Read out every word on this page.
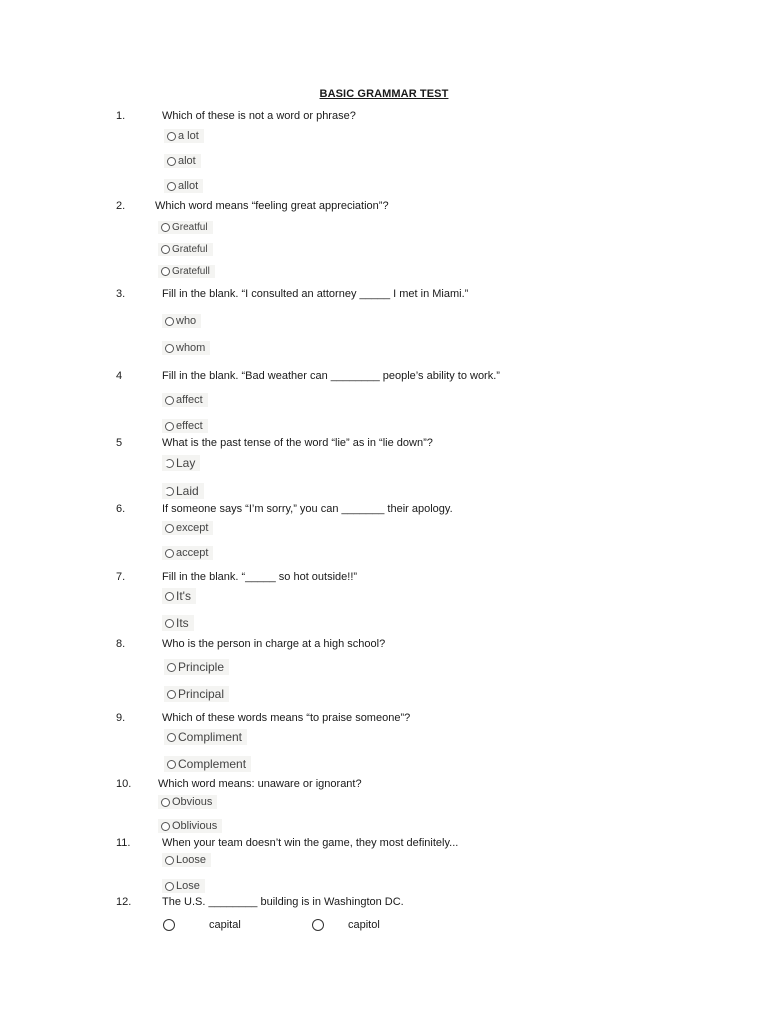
BASIC GRAMMAR TEST
1.	Which of these is not a word or phrase?
a lot
alot
allot
2.	Which word means “feeling great appreciation”?
Greatful
Grateful
Gratefull
3.	Fill in the blank. “I consulted an attorney _____ I met in Miami.”
who
whom
4	Fill in the blank. “Bad weather can ________ people’s ability to work.”
affect
effect
5	What is the past tense of the word “lie” as in “lie down”?
Lay
Laid
6.	If someone says “I’m sorry,” you can _______ their apology.
except
accept
7.	Fill in the blank. “_____ so hot outside!!”
It's
Its
8.	Who is the person in charge at a high school?
Principle
Principal
9.	Which of these words means “to praise someone”?
Compliment
Complement
10. Which word means: unaware or ignorant?
Obvious
Oblivious
11.	When your team doesn’t win the game, they most definitely...
Loose
Lose
12.	The U.S. ________ building is in Washington DC.
capital	capitol
